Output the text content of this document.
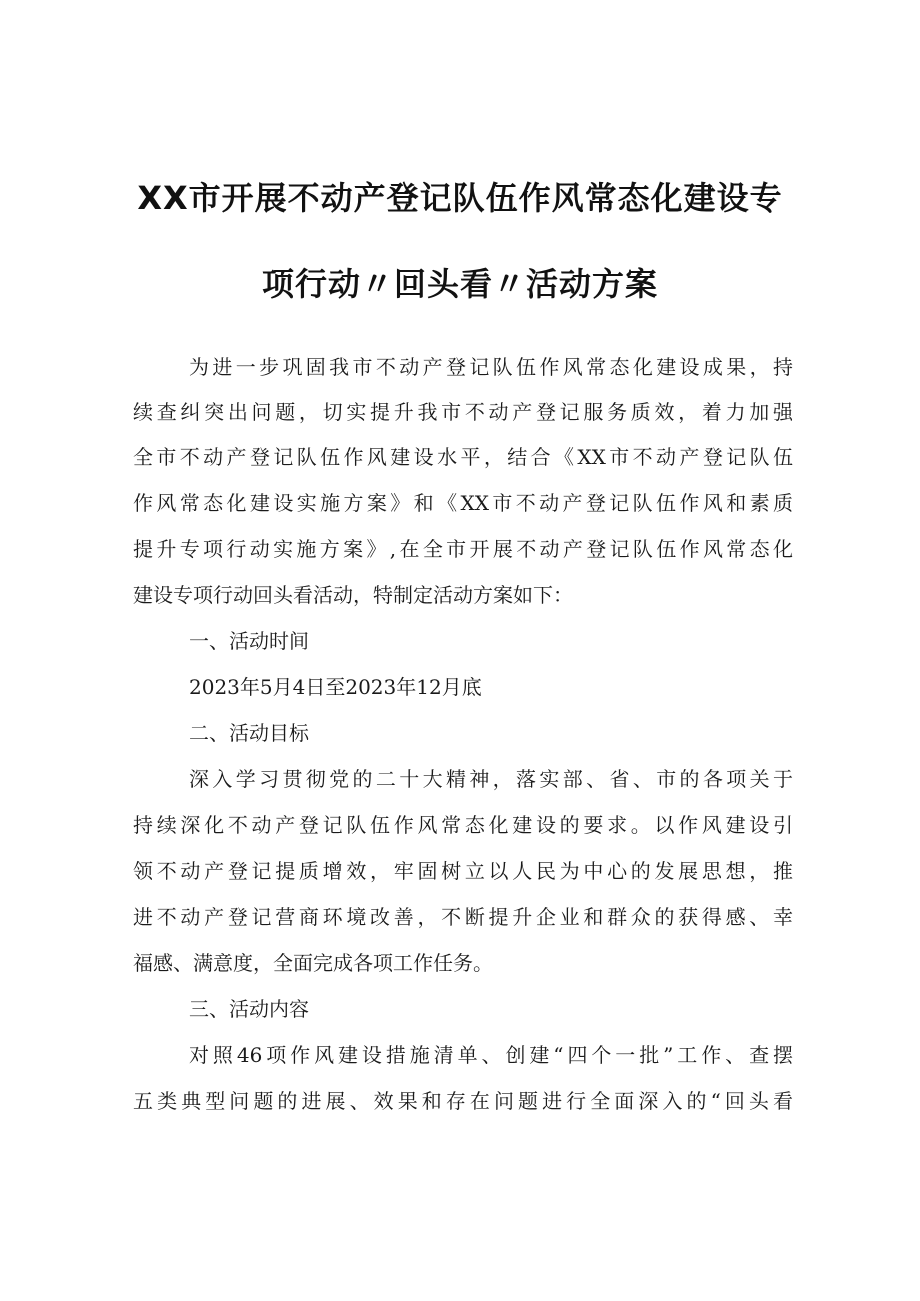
XX市开展不动产登记队伍作风常态化建设专
项行动〃回头看〃活动方案
为进一步巩固我市不动产登记队伍作风常态化建设成果，持
续查纠突出问题，切实提升我市不动产登记服务质效，着力加强
全市不动产登记队伍作风建设水平，结合《XX市不动产登记队伍
作风常态化建设实施方案》和《XX市不动产登记队伍作风和素质
提升专项行动实施方案》,在全市开展不动产登记队伍作风常态化
建设专项行动回头看活动，特制定活动方案如下：
一、活动时间
2023年5月4日至2023年12月底
二、活动目标
深入学习贯彻党的二十大精神，落实部、省、市的各项关于
持续深化不动产登记队伍作风常态化建设的要求。以作风建设引
领不动产登记提质增效，牢固树立以人民为中心的发展思想，推
进不动产登记营商环境改善，不断提升企业和群众的获得感、幸
福感、满意度，全面完成各项工作任务。
三、活动内容
对照46项作风建设措施清单、创建“四个一批”工作、查摆
五类典型问题的进展、效果和存在问题进行全面深入的“回头看
